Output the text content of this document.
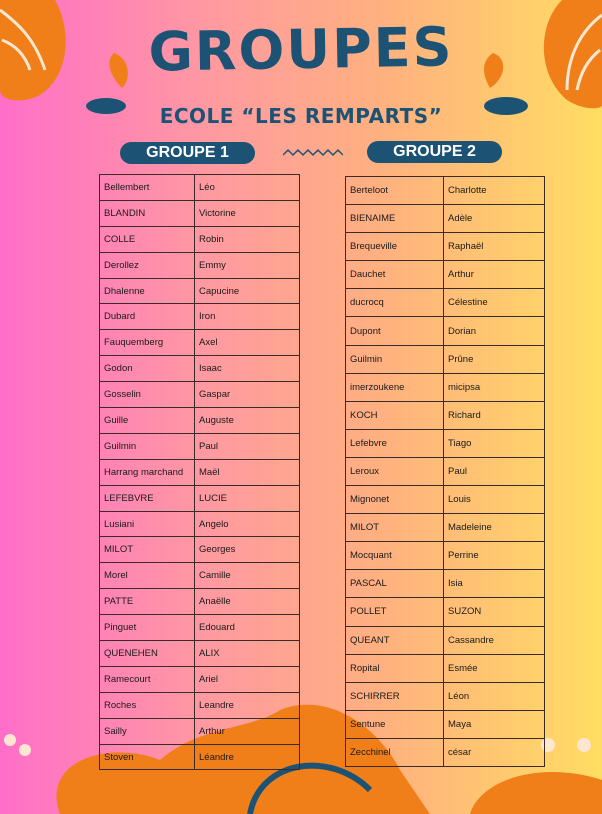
GROUPES
ECOLE “LES REMPARTS”
GROUPE 1	GROUPE 2
Bellembert	Léo
BLANDIN	Victorine
COLLE	Robin
Derollez	Emmy
Dhalenne	Capucine
Dubard	Iron
Fauquemberg	Axel
Godon	Isaac
Gosselin	Gaspar
Guille	Auguste
Guilmin	Paul
Harrang marchand	Maël
LEFEBVRE	LUCIE
Lusiani	Angelo
MILOT	Georges
Morel	Camille
PATTE	Anaëlle
Pinguet	Edouard
QUENEHEN	ALIX
Ramecourt	Ariel
Roches	Leandre
Sailly	Arthur
Stoven	Léandre
Berteloot	Charlotte
BIENAIME	Adèle
Brequeville	Raphaël
Dauchet	Arthur
ducrocq	Célestine
Dupont	Dorian
Guilmin	Prûne
imerzoukene	micipsa
KOCH	Richard
Lefebvre	Tiago
Leroux	Paul
Mignonet	Louis
MILOT	Madeleine
Mocquant	Perrine
PASCAL	Isia
POLLET	SUZON
QUEANT	Cassandre
Ropital	Esmée
SCHIRRER	Léon
Sentune	Maya
Zecchinel	césar
